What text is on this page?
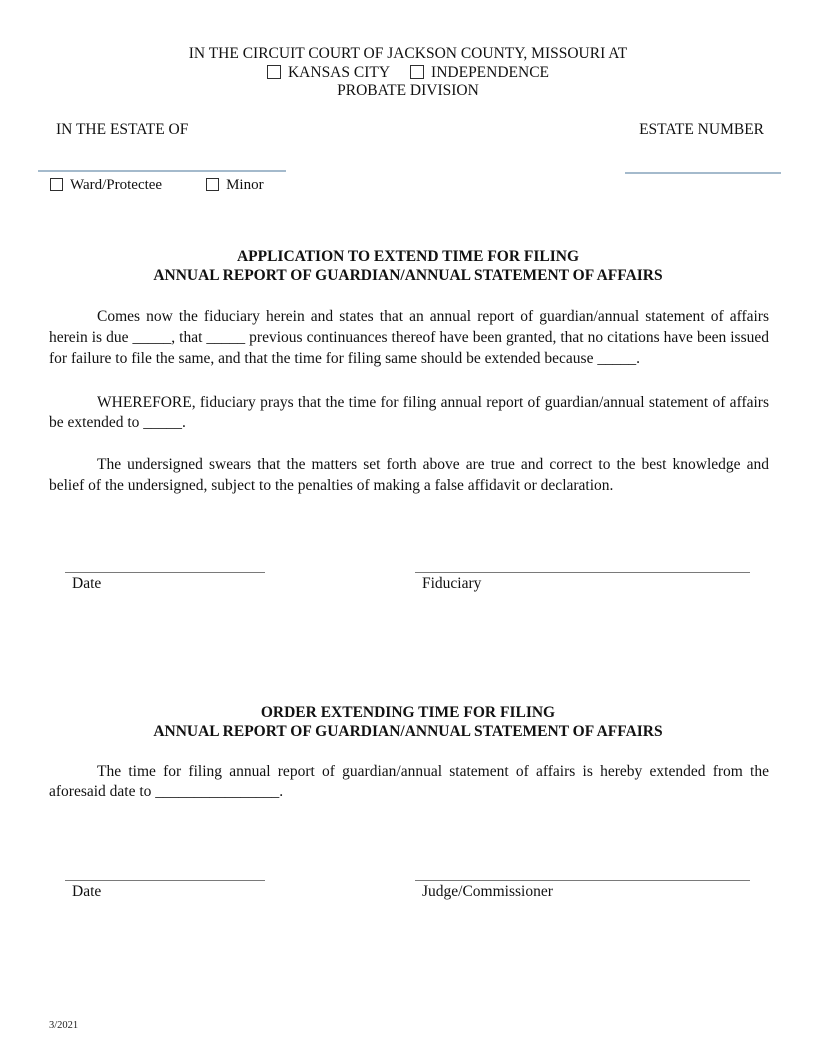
IN THE CIRCUIT COURT OF JACKSON COUNTY, MISSOURI AT
KANSAS CITY	INDEPENDENCE
PROBATE DIVISION
IN THE ESTATE OF	ESTATE NUMBER
Ward/Protectee	Minor
APPLICATION TO EXTEND TIME FOR FILING
ANNUAL REPORT OF GUARDIAN/ANNUAL STATEMENT OF AFFAIRS

Comes now the fiduciary herein and states that an annual report of guardian/annual statement of affairs herein is due _____, that _____ previous continuances thereof have been granted, that no citations have been issued for failure to file the same, and that the time for filing same should be extended because _____.

WHEREFORE, fiduciary prays that the time for filing annual report of guardian/annual statement of affairs be extended to _____.

The undersigned swears that the matters set forth above are true and correct to the best knowledge and belief of the undersigned, subject to the penalties of making a false affidavit or declaration.

Date	Fiduciary
ORDER EXTENDING TIME FOR FILING
ANNUAL REPORT OF GUARDIAN/ANNUAL STATEMENT OF AFFAIRS

The time for filing annual report of guardian/annual statement of affairs is hereby extended from the aforesaid date to ________________.

Date	Judge/Commissioner
3/2021
